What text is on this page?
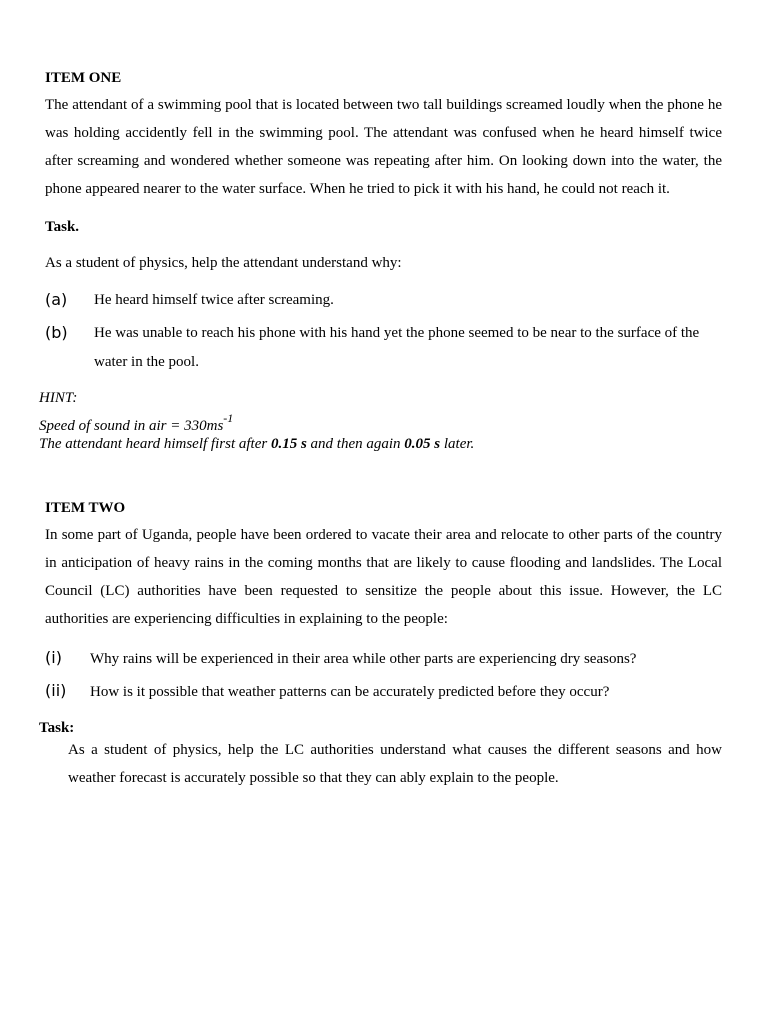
ITEM ONE
The attendant of a swimming pool that is located between two tall buildings screamed loudly when the phone he was holding accidently fell in the swimming pool. The attendant was confused when he heard himself twice after screaming and wondered whether someone was repeating after him. On looking down into the water, the phone appeared nearer to the water surface. When he tried to pick it with his hand, he could not reach it.
Task.
As a student of physics, help the attendant understand why:
(a) He heard himself twice after screaming.
(b) He was unable to reach his phone with his hand yet the phone seemed to be near to the surface of the water in the pool.
HINT:
Speed of sound in air = $330ms^{-1}$
The attendant heard himself first after 0.15 s and then again 0.05 s later.
ITEM TWO
In some part of Uganda, people have been ordered to vacate their area and relocate to other parts of the country in anticipation of heavy rains in the coming months that are likely to cause flooding and landslides. The Local Council (LC) authorities have been requested to sensitize the people about this issue. However, the LC authorities are experiencing difficulties in explaining to the people:
(i) Why rains will be experienced in their area while other parts are experiencing dry seasons?
(ii) How is it possible that weather patterns can be accurately predicted before they occur?
Task:
As a student of physics, help the LC authorities understand what causes the different seasons and how weather forecast is accurately possible so that they can ably explain to the people.
